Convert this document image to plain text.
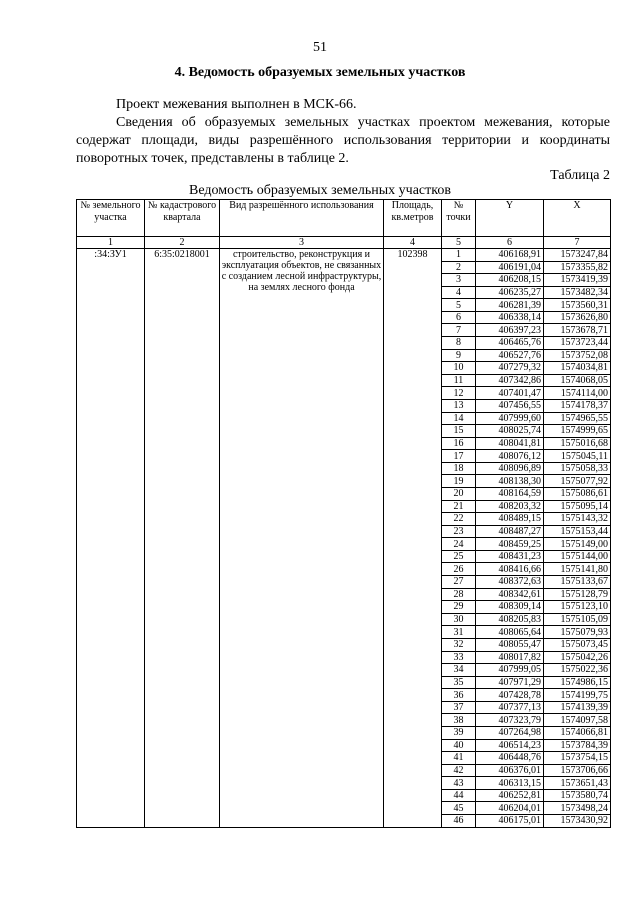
51
4. Ведомость образуемых земельных участков
Проект межевания выполнен в МСК-66.
Сведения об образуемых земельных участках проектом межевания, которые содержат площади, виды разрешённого использования территории и координаты поворотных точек, представлены в таблице 2.
Таблица 2
Ведомость образуемых земельных участков
№ земельного участка	№ кадастрового квартала	Вид разрешённого использования	Площадь, кв.метров	№ точки	Y	X
1	2	3	4	5	6	7
:34:ЗУ1	6:35:0218001	строительство, реконструкция и эксплуатация объектов, не связанных с созданием лесной инфраструктуры, на землях лесного фонда	102398	1	406168,91	1573247,84
				2	406191,04	1573355,82
				3	406208,15	1573419,39
				4	406235,27	1573482,34
				5	406281,39	1573560,31
				6	406338,14	1573626,80
				7	406397,23	1573678,71
				8	406465,76	1573723,44
				9	406527,76	1573752,08
				10	407279,32	1574034,81
				11	407342,86	1574068,05
				12	407401,47	1574114,00
				13	407456,55	1574178,37
				14	407999,60	1574965,55
				15	408025,74	1574999,65
				16	408041,81	1575016,68
				17	408076,12	1575045,11
				18	408096,89	1575058,33
				19	408138,30	1575077,92
				20	408164,59	1575086,61
				21	408203,32	1575095,14
				22	408489,15	1575143,32
				23	408487,27	1575153,44
				24	408459,25	1575149,00
				25	408431,23	1575144,00
				26	408416,66	1575141,80
				27	408372,63	1575133,67
				28	408342,61	1575128,79
				29	408309,14	1575123,10
				30	408205,83	1575105,09
				31	408065,64	1575079,93
				32	408055,47	1575073,45
				33	408017,82	1575042,26
				34	407999,05	1575022,36
				35	407971,29	1574986,15
				36	407428,78	1574199,75
				37	407377,13	1574139,39
				38	407323,79	1574097,58
				39	407264,98	1574066,81
				40	406514,23	1573784,39
				41	406448,76	1573754,15
				42	406376,01	1573706,66
				43	406313,15	1573651,43
				44	406252,81	1573580,74
				45	406204,01	1573498,24
				46	406175,01	1573430,92
